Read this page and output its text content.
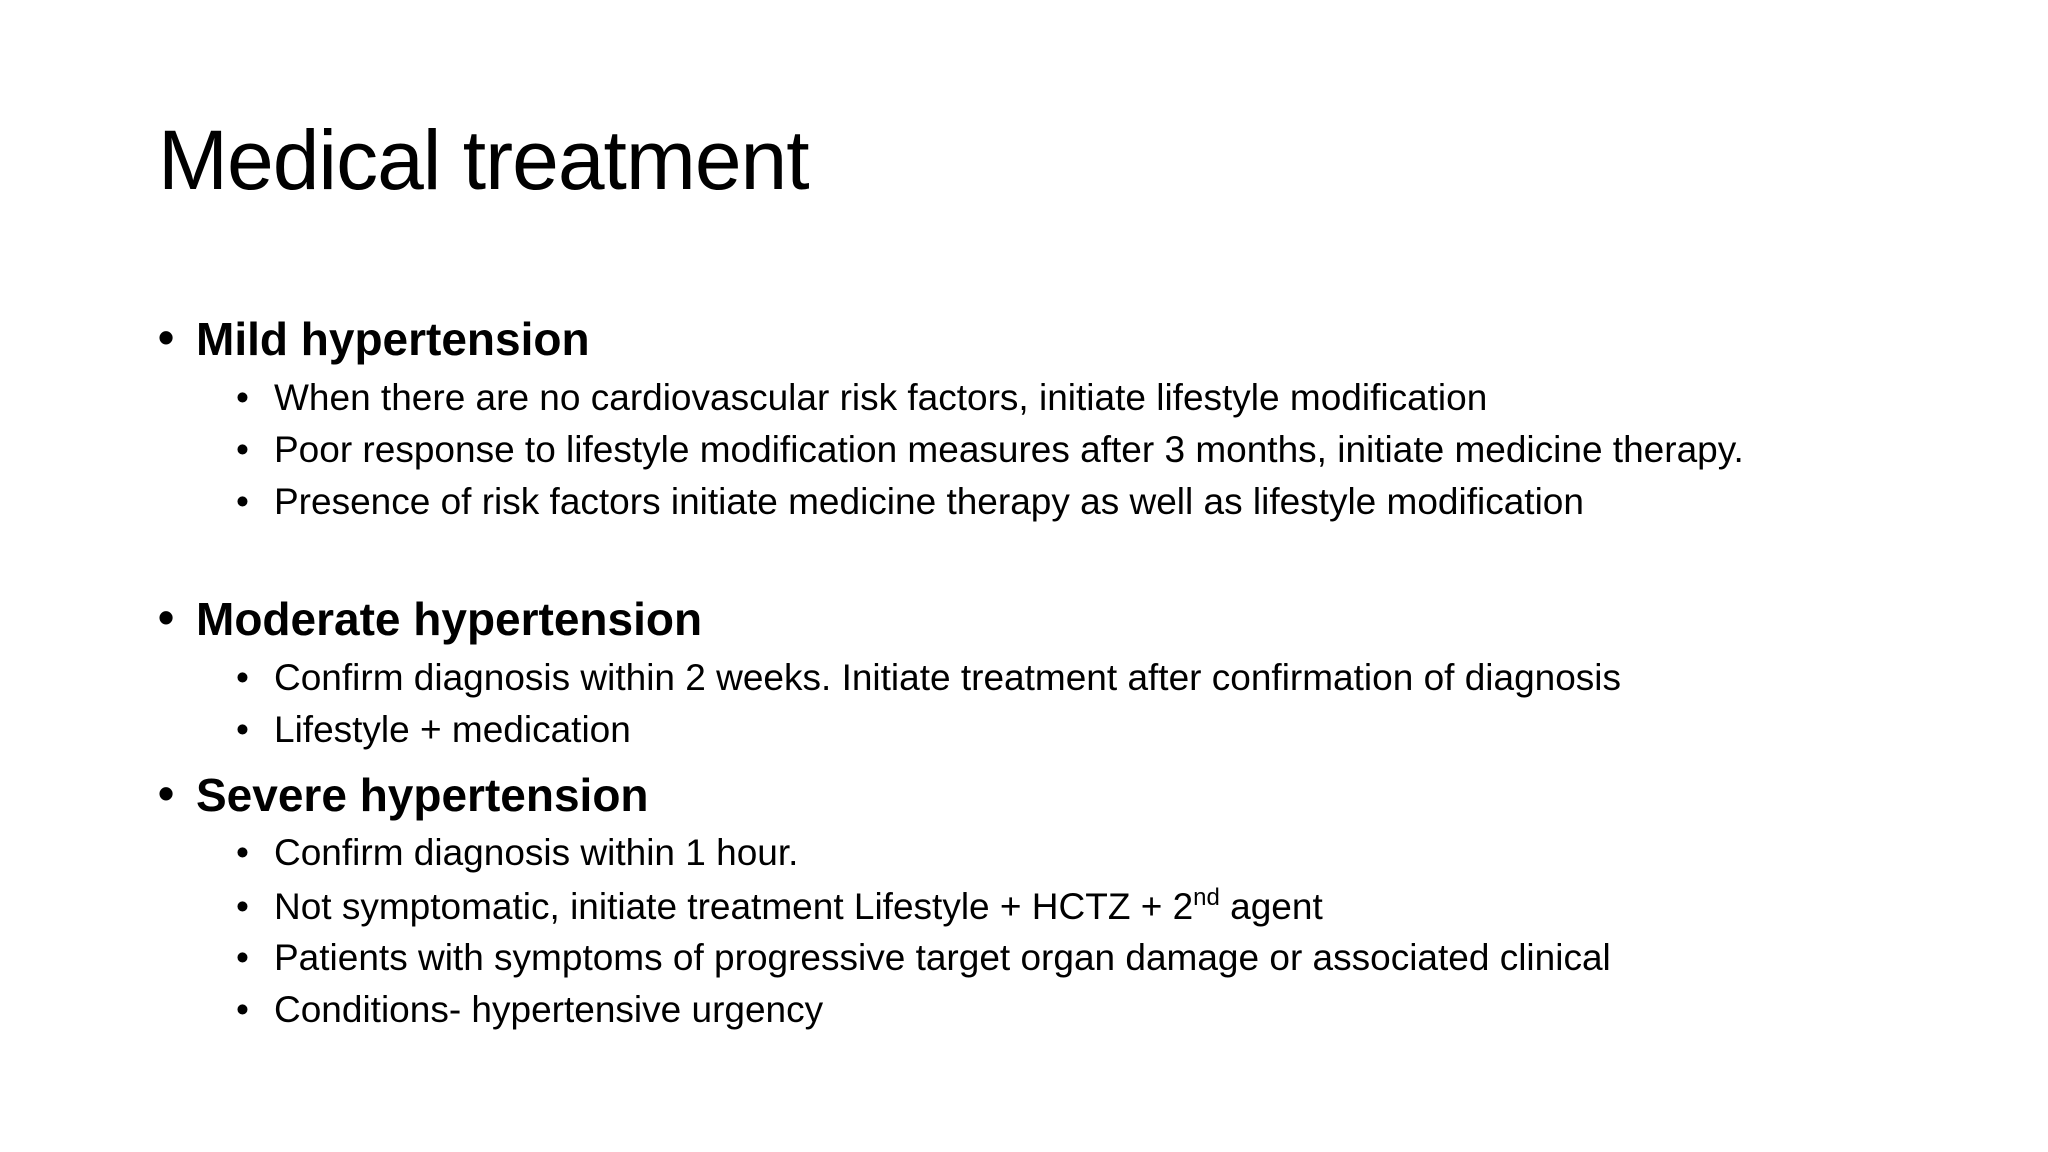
Medical treatment
• Mild hypertension
• When there are no cardiovascular risk factors, initiate lifestyle modification
• Poor response to lifestyle modification measures after 3 months, initiate medicine therapy.
• Presence of risk factors initiate medicine therapy as well as lifestyle modification
• Moderate hypertension
• Confirm diagnosis within 2 weeks. Initiate treatment after confirmation of diagnosis
• Lifestyle + medication
• Severe hypertension
• Confirm diagnosis within 1 hour.
• Not symptomatic, initiate treatment Lifestyle + HCTZ + 2nd agent
• Patients with symptoms of progressive target organ damage or associated clinical
• Conditions- hypertensive urgency
